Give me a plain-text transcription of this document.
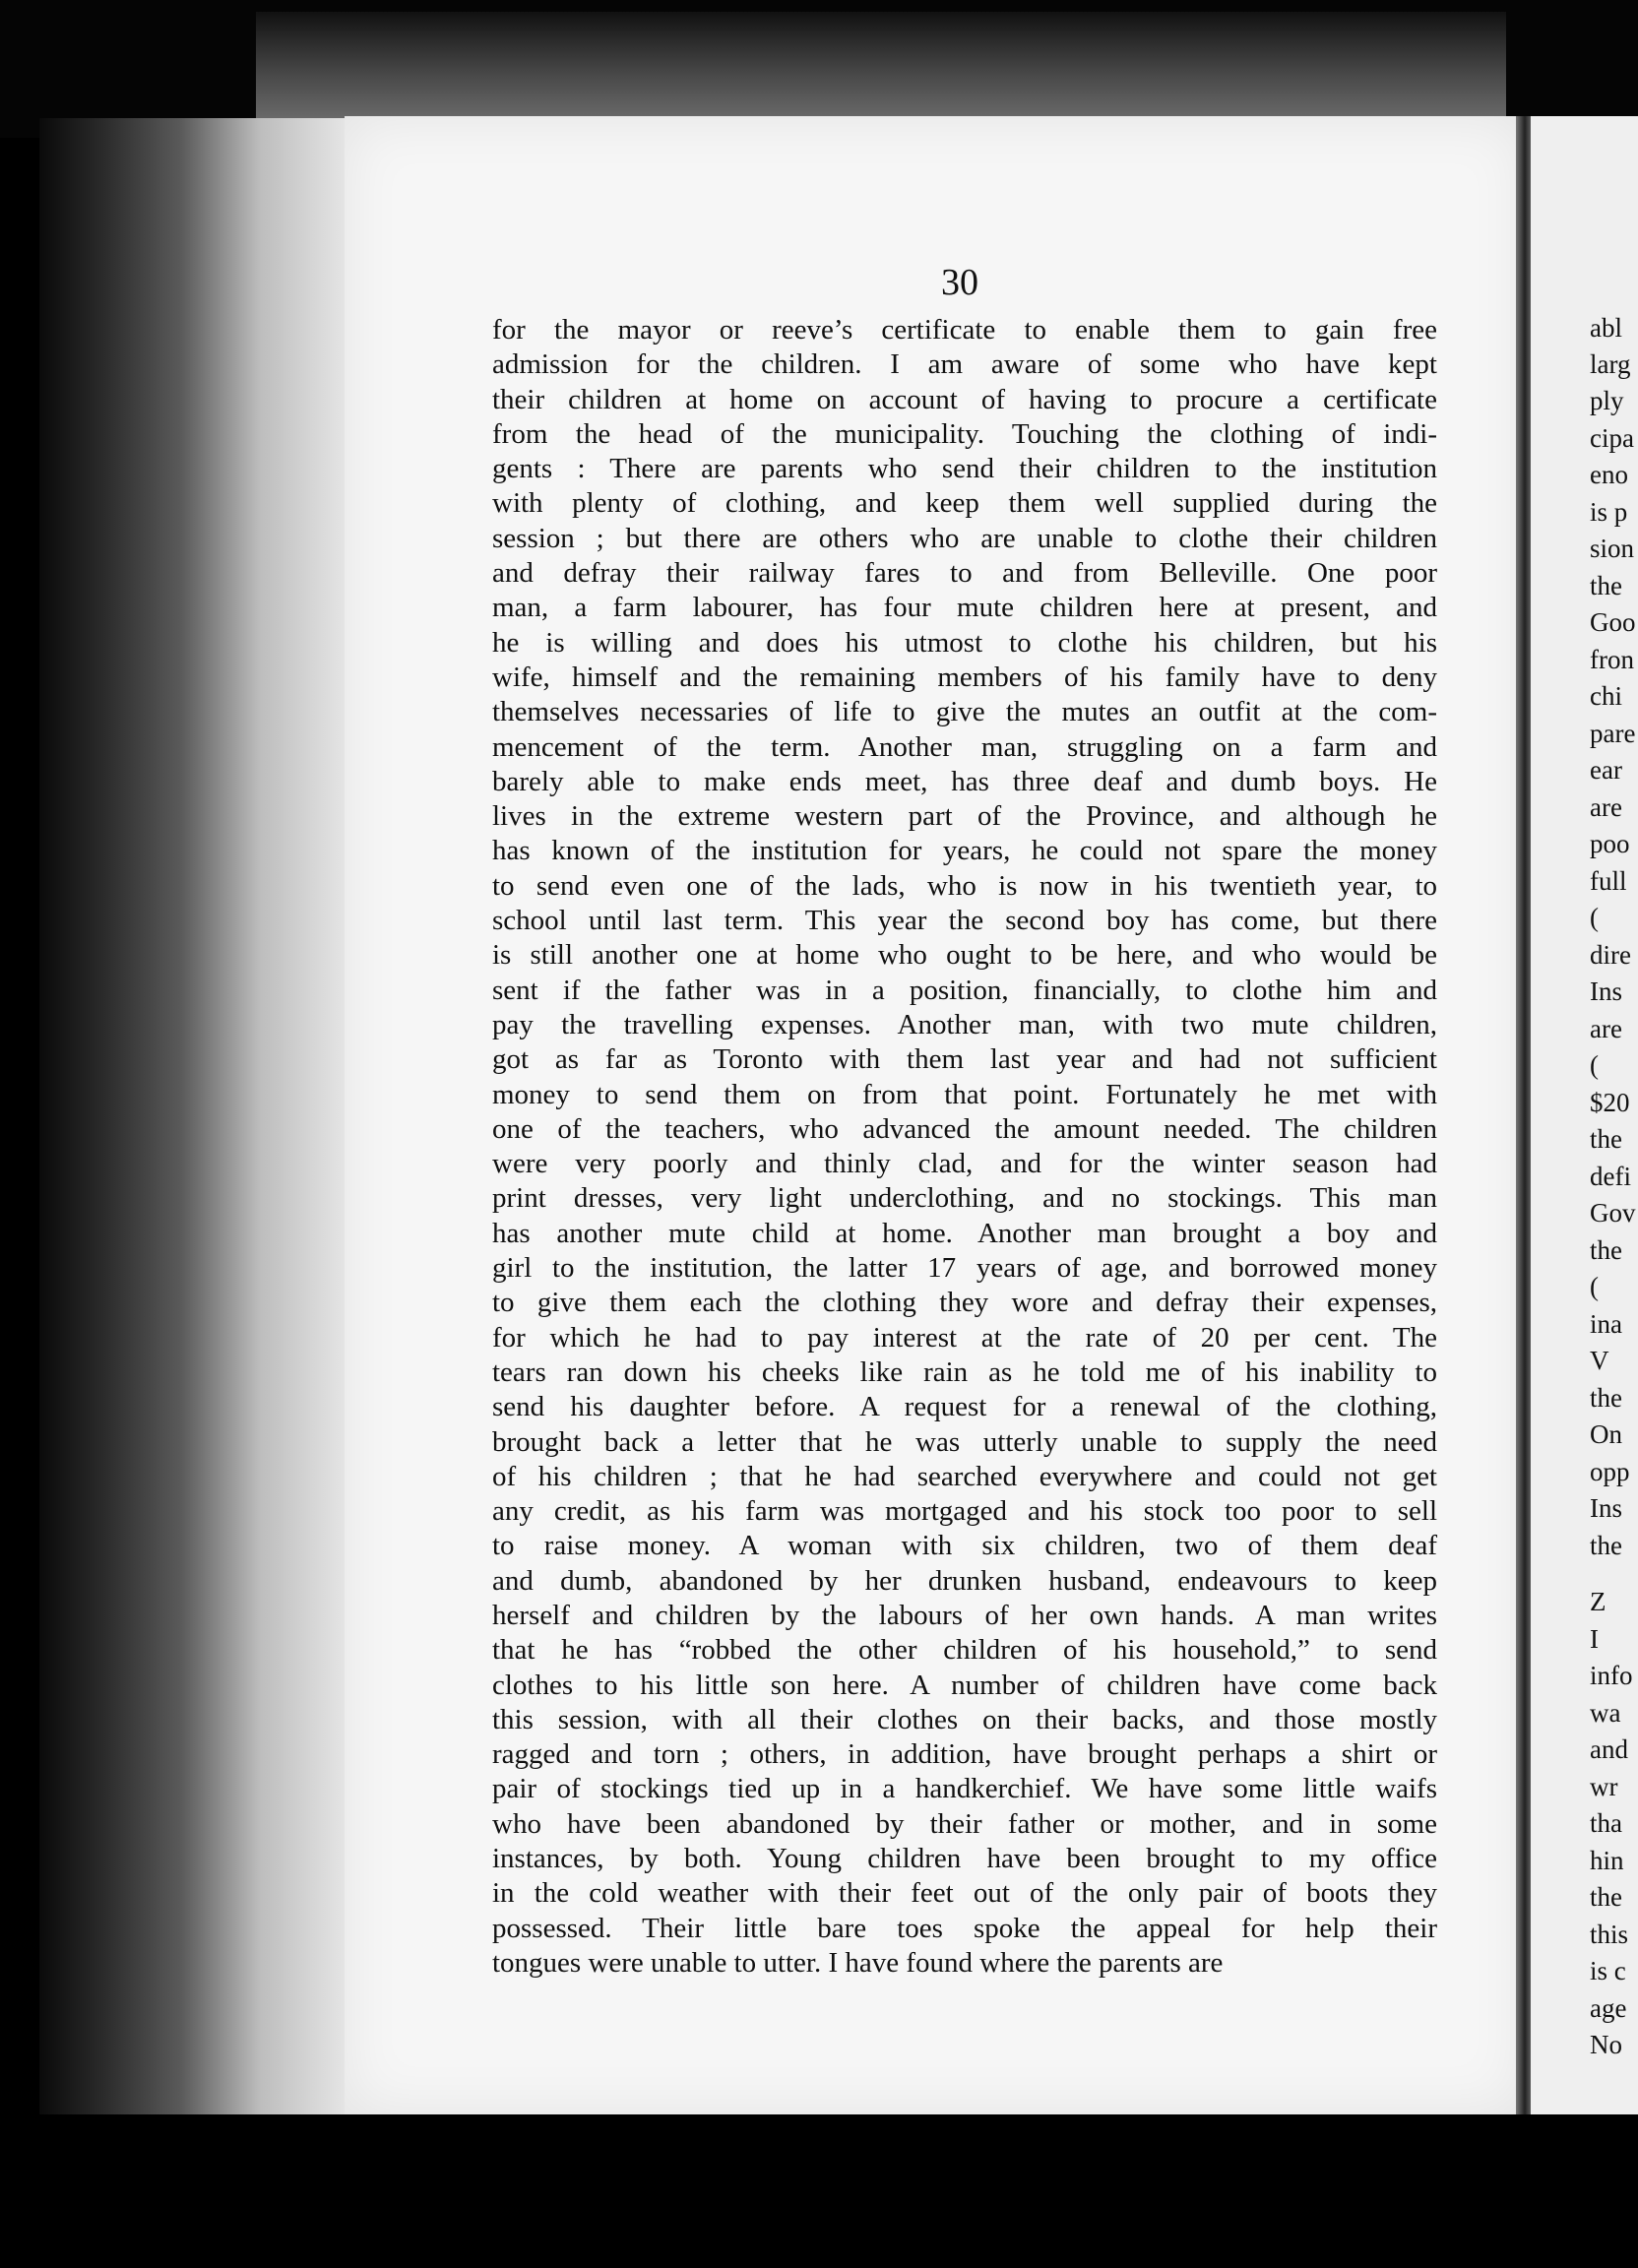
30
for the mayor or reeve’s certificate to enable them to gain free
admission for the children. I am aware of some who have kept
their children at home on account of having to procure a certificate
from the head of the municipality. Touching the clothing of indi-
gents : There are parents who send their children to the institution
with plenty of clothing, and keep them well supplied during the
session ; but there are others who are unable to clothe their children
and defray their railway fares to and from Belleville. One poor
man, a farm labourer, has four mute children here at present, and
he is willing and does his utmost to clothe his children, but his
wife, himself and the remaining members of his family have to deny
themselves necessaries of life to give the mutes an outfit at the com-
mencement of the term. Another man, struggling on a farm and
barely able to make ends meet, has three deaf and dumb boys. He
lives in the extreme western part of the Province, and although he
has known of the institution for years, he could not spare the money
to send even one of the lads, who is now in his twentieth year, to
school until last term. This year the second boy has come, but there
is still another one at home who ought to be here, and who would be
sent if the father was in a position, financially, to clothe him and
pay the travelling expenses. Another man, with two mute children,
got as far as Toronto with them last year and had not sufficient
money to send them on from that point. Fortunately he met with
one of the teachers, who advanced the amount needed. The children
were very poorly and thinly clad, and for the winter season had
print dresses, very light underclothing, and no stockings. This man
has another mute child at home. Another man brought a boy and
girl to the institution, the latter 17 years of age, and borrowed money
to give them each the clothing they wore and defray their expenses,
for which he had to pay interest at the rate of 20 per cent. The
tears ran down his cheeks like rain as he told me of his inability to
send his daughter before. A request for a renewal of the clothing,
brought back a letter that he was utterly unable to supply the need
of his children ; that he had searched everywhere and could not get
any credit, as his farm was mortgaged and his stock too poor to sell
to raise money. A woman with six children, two of them deaf
and dumb, abandoned by her drunken husband, endeavours to keep
herself and children by the labours of her own hands. A man writes
that he has “robbed the other children of his household,” to send
clothes to his little son here. A number of children have come back
this session, with all their clothes on their backs, and those mostly
ragged and torn ; others, in addition, have brought perhaps a shirt or
pair of stockings tied up in a handkerchief. We have some little waifs
who have been abandoned by their father or mother, and in some
instances, by both. Young children have been brought to my office
in the cold weather with their feet out of the only pair of boots they
possessed. Their little bare toes spoke the appeal for help their
tongues were unable to utter. I have found where the parents are
abl
larg
ply
cipa
eno
is p
sion
the
Goo
fron
chi
pare
ear
are
poo
full
(
dire
Ins
are
(
$20
the
defi
Gov
the
(
ina
V
the
On
opp
Ins
the
Z
I
info
wa
and
wr
tha
hin
the
this
is c
age
No
